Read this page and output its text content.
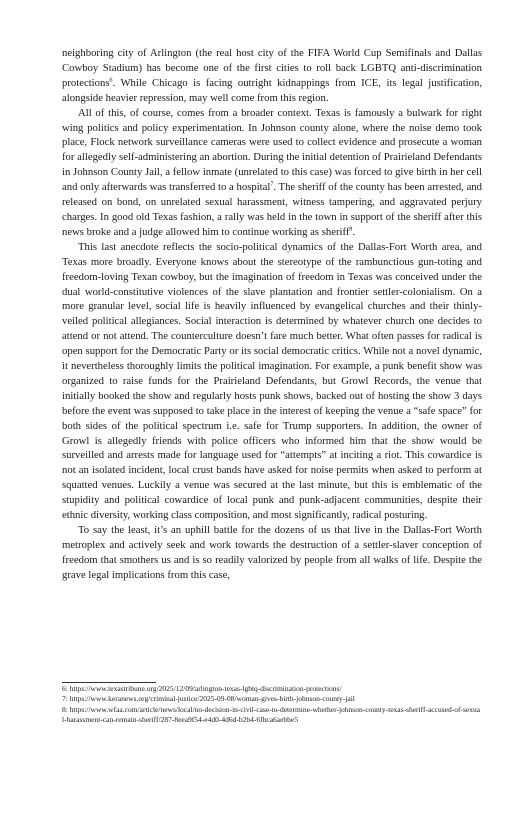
neighboring city of Arlington (the real host city of the FIFA World Cup Semifinals and Dallas Cowboy Stadium) has become one of the first cities to roll back LGBTQ anti-discrimination protections$^6$. While Chicago is facing outright kidnappings from ICE, its legal justification, alongside heavier repression, may well come from this region.

All of this, of course, comes from a broader context. Texas is famously a bulwark for right wing politics and policy experimentation. In Johnson county alone, where the noise demo took place, Flock network surveillance cameras were used to collect evidence and prosecute a woman for allegedly self-administering an abortion. During the initial detention of Prairieland Defendants in Johnson County Jail, a fellow inmate (unrelated to this case) was forced to give birth in her cell and only afterwards was transferred to a hospital$^7$. The sheriff of the county has been arrested, and released on bond, on unrelated sexual harassment, witness tampering, and aggravated perjury charges. In good old Texas fashion, a rally was held in the town in support of the sheriff after this news broke and a judge allowed him to continue working as sheriff$^8$.

This last anecdote reflects the socio-political dynamics of the Dallas-Fort Worth area, and Texas more broadly. Everyone knows about the stereotype of the rambunctious gun-toting and freedom-loving Texan cowboy, but the imagination of freedom in Texas was conceived under the dual world-constitutive violences of the slave plantation and frontier settler-colonialism. On a more granular level, social life is heavily influenced by evangelical churches and their thinly-veiled political allegiances. Social interaction is determined by whatever church one decides to attend or not attend. The counterculture doesn’t fare much better. What often passes for radical is open support for the Democratic Party or its social democratic critics. While not a novel dynamic, it nevertheless thoroughly limits the political imagination. For example, a punk benefit show was organized to raise funds for the Prairieland Defendants, but Growl Records, the venue that initially booked the show and regularly hosts punk shows, backed out of hosting the show 3 days before the event was supposed to take place in the interest of keeping the venue a “safe space” for both sides of the political spectrum i.e. safe for Trump supporters. In addition, the owner of Growl is allegedly friends with police officers who informed him that the show would be surveilled and arrests made for language used for “attempts” at inciting a riot. This cowardice is not an isolated incident, local crust bands have asked for noise permits when asked to perform at squatted venues. Luckily a venue was secured at the last minute, but this is emblematic of the stupidity and political cowardice of local punk and punk-adjacent communities, despite their ethnic diversity, working class composition, and most significantly, radical posturing.

To say the least, it’s an uphill battle for the dozens of us that live in the Dallas-Fort Worth metroplex and actively seek and work towards the destruction of a settler-slaver conception of freedom that smothers us and is so readily valorized by people from all walks of life. Despite the grave legal implications from this case,

6: https://www.texastribune.org/2025/12/09/arlington-texas-lgbtq-discrimination-protections/
7: https://www.keranews.org/criminal-justice/2025-09-08/woman-gives-birth-johnson-county-jail
8: https://www.wfaa.com/article/news/local/no-decision-in-civil-case-to-determine-whether-johnson-county-texas-sheriff-accused-of-sexual-harassment-can-remain-sheriff/287-8eea9f54-e4d0-4d6d-b2b4-6fbca6aebbe5
